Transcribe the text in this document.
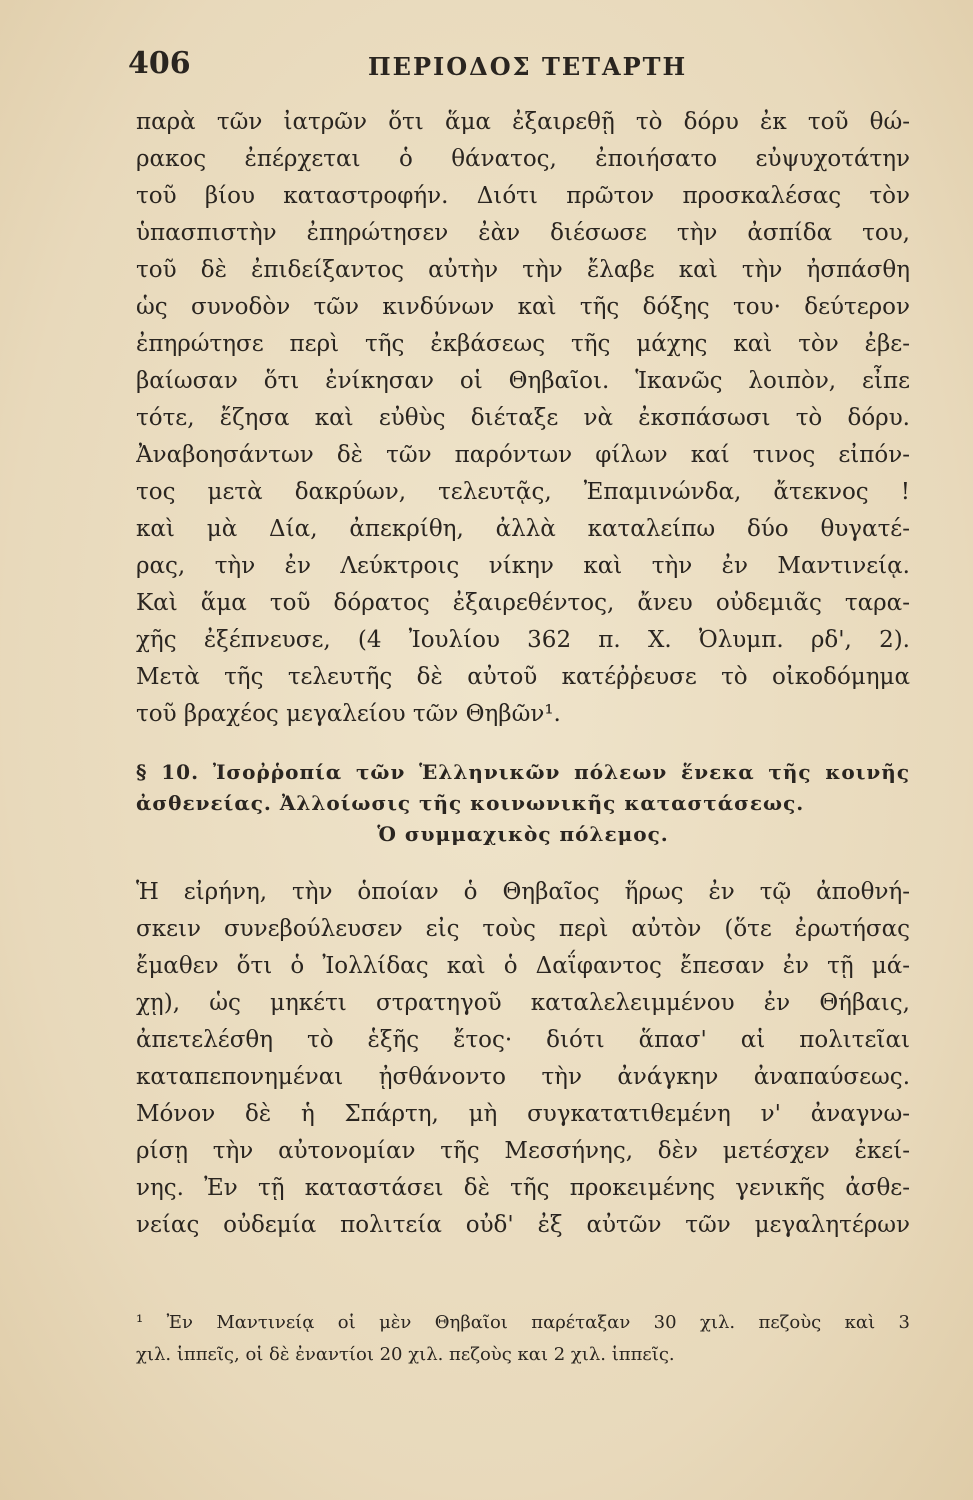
406	ΠΕΡΙΟΔΟΣ ΤΕΤΑΡΤΗ
παρὰ τῶν ἰατρῶν ὅτι ἅμα ἐξαιρεθῇ τὸ δόρυ ἐκ τοῦ θώ-
ρακος ἐπέρχεται ὁ θάνατος, ἐποιήσατο εὐψυχοτάτην
τοῦ βίου καταστροφήν. Διότι πρῶτον προσκαλέσας τὸν
ὑπασπιστὴν ἐπηρώτησεν ἐὰν διέσωσε τὴν ἀσπίδα του,
τοῦ δὲ ἐπιδείξαντος αὐτὴν τὴν ἔλαβε καὶ τὴν ἠσπάσθη
ὡς συνοδὸν τῶν κινδύνων καὶ τῆς δόξης του· δεύτερον
ἐπηρώτησε περὶ τῆς ἐκβάσεως τῆς μάχης καὶ τὸν ἐβε-
βαίωσαν ὅτι ἐνίκησαν οἱ Θηβαῖοι. Ἱκανῶς λοιπὸν, εἶπε
τότε, ἔζησα καὶ εὐθὺς διέταξε νὰ ἐκσπάσωσι τὸ δόρυ.
Ἀναβοησάντων δὲ τῶν παρόντων φίλων καί τινος εἰπόν-
τος μετὰ δακρύων, τελευτᾷς, Ἐπαμινώνδα, ἄτεκνος !
καὶ μὰ Δία, ἀπεκρίθη, ἀλλὰ καταλείπω δύο θυγατέ-
ρας, τὴν ἐν Λεύκτροις νίκην καὶ τὴν ἐν Μαντινείᾳ.
Καὶ ἅμα τοῦ δόρατος ἐξαιρεθέντος, ἄνευ οὐδεμιᾶς ταρα-
χῆς ἐξέπνευσε, (4 Ἰουλίου 362 π. Χ. Ὀλυμπ. ρδ', 2).
Μετὰ τῆς τελευτῆς δὲ αὐτοῦ κατέῤῥευσε τὸ οἰκοδόμημα
τοῦ βραχέος μεγαλείου τῶν Θηβῶν¹.
§ 10. Ἰσοῤῥοπία τῶν Ἑλληνικῶν πόλεων ἕνεκα τῆς κοινῆς
ἀσθενείας. Ἀλλοίωσις τῆς κοινωνικῆς καταστάσεως.
Ὁ συμμαχικὸς πόλεμος.
Ἡ εἰρήνη, τὴν ὁποίαν ὁ Θηβαῖος ἥρως ἐν τῷ ἀποθνή-
σκειν συνεβούλευσεν εἰς τοὺς περὶ αὐτὸν (ὅτε ἐρωτήσας
ἔμαθεν ὅτι ὁ Ἰολλίδας καὶ ὁ Δαΐφαντος ἔπεσαν ἐν τῇ μά-
χῃ), ὡς μηκέτι στρατηγοῦ καταλελειμμένου ἐν Θήβαις,
ἀπετελέσθη τὸ ἑξῆς ἔτος· διότι ἅπασ' αἱ πολιτεῖαι
καταπεπονημέναι ᾐσθάνοντο τὴν ἀνάγκην ἀναπαύσεως.
Μόνον δὲ ἡ Σπάρτη, μὴ συγκατατιθεμένη ν' ἀναγνω-
ρίσῃ τὴν αὐτονομίαν τῆς Μεσσήνης, δὲν μετέσχεν ἐκεί-
νης. Ἐν τῇ καταστάσει δὲ τῆς προκειμένης γενικῆς ἀσθε-
νείας οὐδεμία πολιτεία οὐδ' ἐξ αὐτῶν τῶν μεγαλητέρων
¹ Ἐν Μαντινείᾳ οἱ μὲν Θηβαῖοι παρέταξαν 30 χιλ. πεζοὺς καὶ 3
χιλ. ἱππεῖς, οἱ δὲ ἐναντίοι 20 χιλ. πεζοὺς και 2 χιλ. ἱππεῖς.
